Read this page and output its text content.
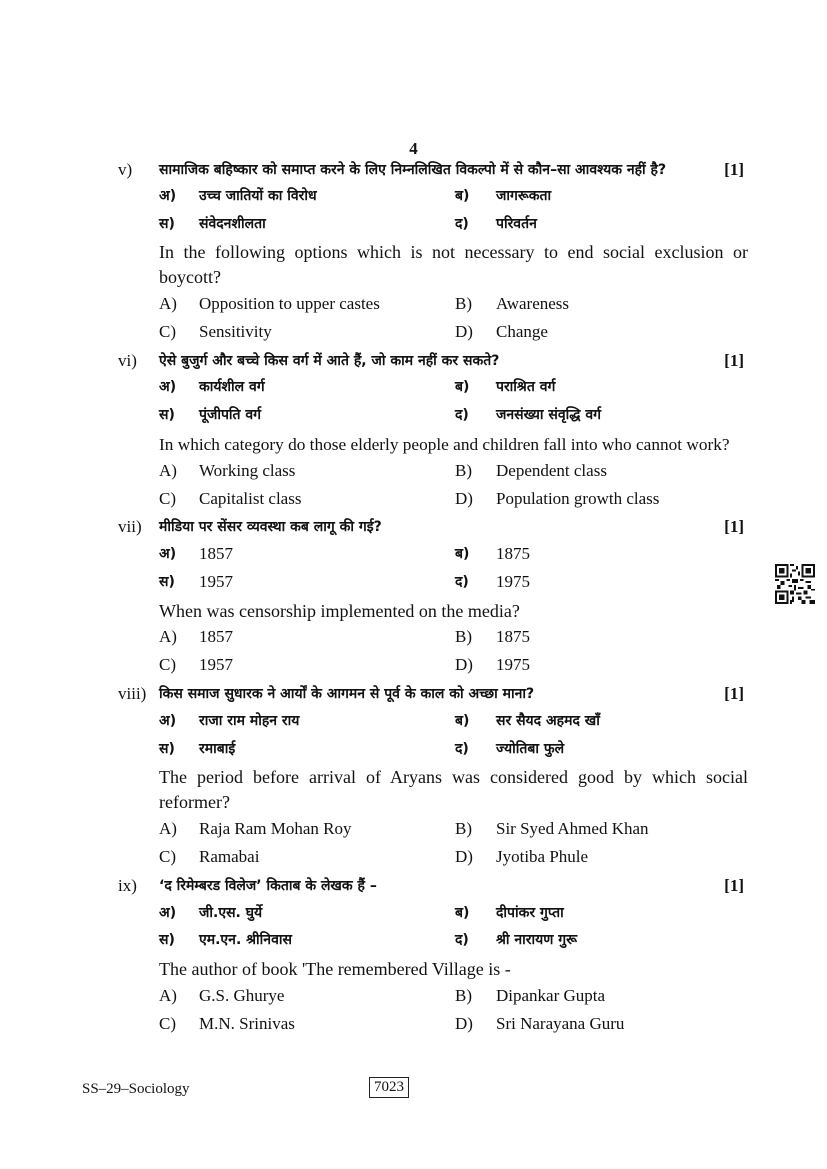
4
v) सामाजिक बहिष्कार को समाप्त करने के लिए निम्नलिखित विकल्पो में से कौन–सा आवश्यक नहीं है?	[1]
अ) उच्च जातियों का विरोध	ब) जागरूकता
स) संवेदनशीलता	द) परिवर्तन
In the following options which is not necessary to end social exclusion or boycott?
A) Opposition to upper castes	B) Awareness
C) Sensitivity	D) Change
vi) ऐसे बुजुर्ग और बच्चे किस वर्ग में आते हैं, जो काम नहीं कर सकते?	[1]
अ) कार्यशील वर्ग	ब) पराश्रित वर्ग
स) पूंजीपति वर्ग	द) जनसंख्या संवृद्धि वर्ग
In which category do those elderly people and children fall into who cannot work?
A) Working class	B) Dependent class
C) Capitalist class	D) Population growth class
vii) मीडिया पर सेंसर व्यवस्था कब लागू की गई?	[1]
अ) 1857	ब) 1875
स) 1957	द) 1975
When was censorship implemented on the media?
A) 1857	B) 1875
C) 1957	D) 1975
viii) किस समाज सुधारक ने आर्यों के आगमन से पूर्व के काल को अच्छा माना?	[1]
अ) राजा राम मोहन राय	ब) सर सैयद अहमद खाँ
स) रमाबाई	द) ज्योतिबा फुले
The period before arrival of Aryans was considered good by which social reformer?
A) Raja Ram Mohan Roy	B) Sir Syed Ahmed Khan
C) Ramabai	D) Jyotiba Phule
ix) ‘द रिमेम्बरड विलेज’ किताब के लेखक हैं –	[1]
अ) जी.एस. घुर्ये	ब) दीपांकर गुप्ता
स) एम.एन. श्रीनिवास	द) श्री नारायण गुरू
The author of book 'The remembered Village is -
A) G.S. Ghurye	B) Dipankar Gupta
C) M.N. Srinivas	D) Sri Narayana Guru
SS–29–Sociology	7023
